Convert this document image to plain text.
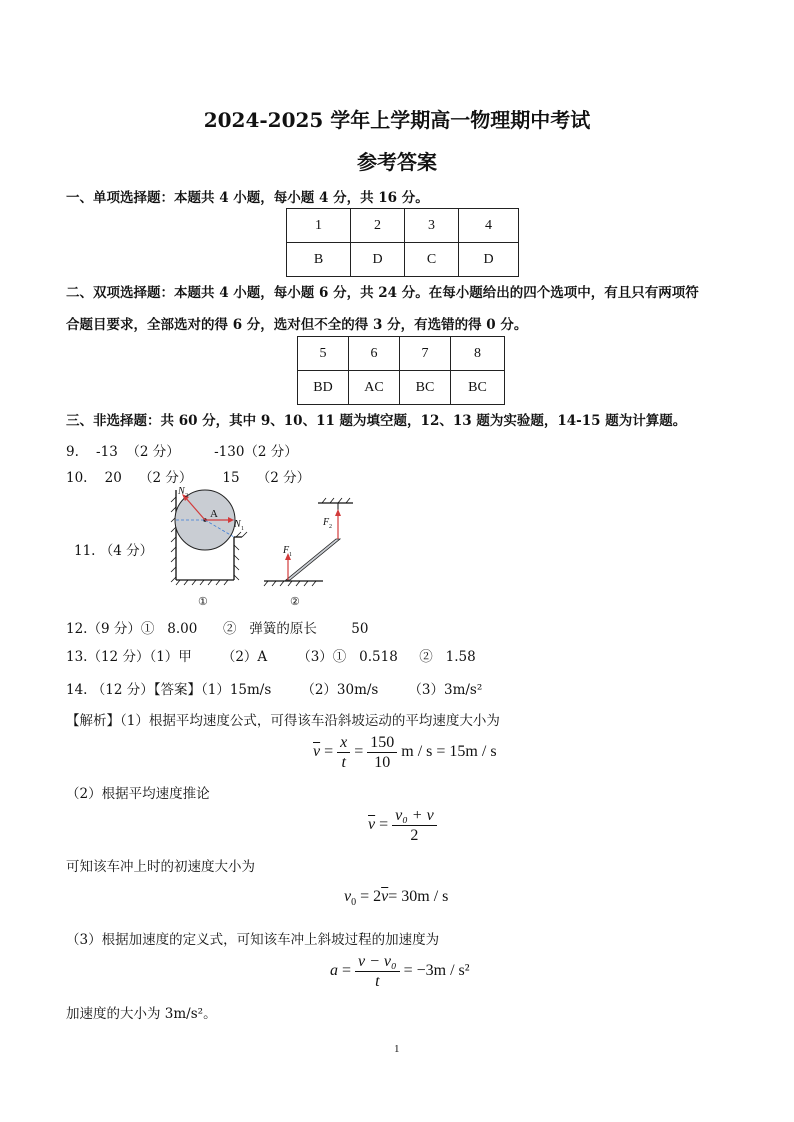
2024-2025 学年上学期高一物理期中考试
参考答案
一、单项选择题：本题共 4 小题，每小题 4 分，共 16 分。
1	2	3	4
B	D	C	D
二、双项选择题：本题共 4 小题，每小题 6 分，共 24 分。在每小题给出的四个选项中，有且只有两项符
合题目要求，全部选对的得 6 分，选对但不全的得 3 分，有选错的得 0 分。
5	6	7	8
BD	AC	BC	BC
三、非选择题：共 60 分，其中 9、10、11 题为填空题，12、13 题为实验题，14-15 题为计算题。
9.    -13  （2 分）        -130（2 分）
10.    20    （2 分）       15    （2 分）
11. （4 分）
A
N 2
N 1
①
F 2
F 1
②
12.（9 分）①   8.00      ②   弹簧的原长        50
13.（12 分）（1）甲       （2）A       （3）①   0.518     ②   1.58
14. （12 分）【答案】（1）15m/s       （2）30m/s       （3）3m/s²
【解析】（1）根据平均速度公式，可得该车沿斜坡运动的平均速度大小为
$\overline{v} = \frac{x}{t} = \frac{150}{10}$ m / s = 15m / s
（2）根据平均速度推论
$\overline{v} = \frac{\text{v₀ + v}}{2}$
可知该车冲上时的初速度大小为
$v_0 = 2\overline{v}= 30m / s$
（3）根据加速度的定义式，可知该车冲上斜坡过程的加速度为
$a = \frac{\text{v − v₀}}{t} = -3m / s^2$
加速度的大小为 3m/s²。
1
